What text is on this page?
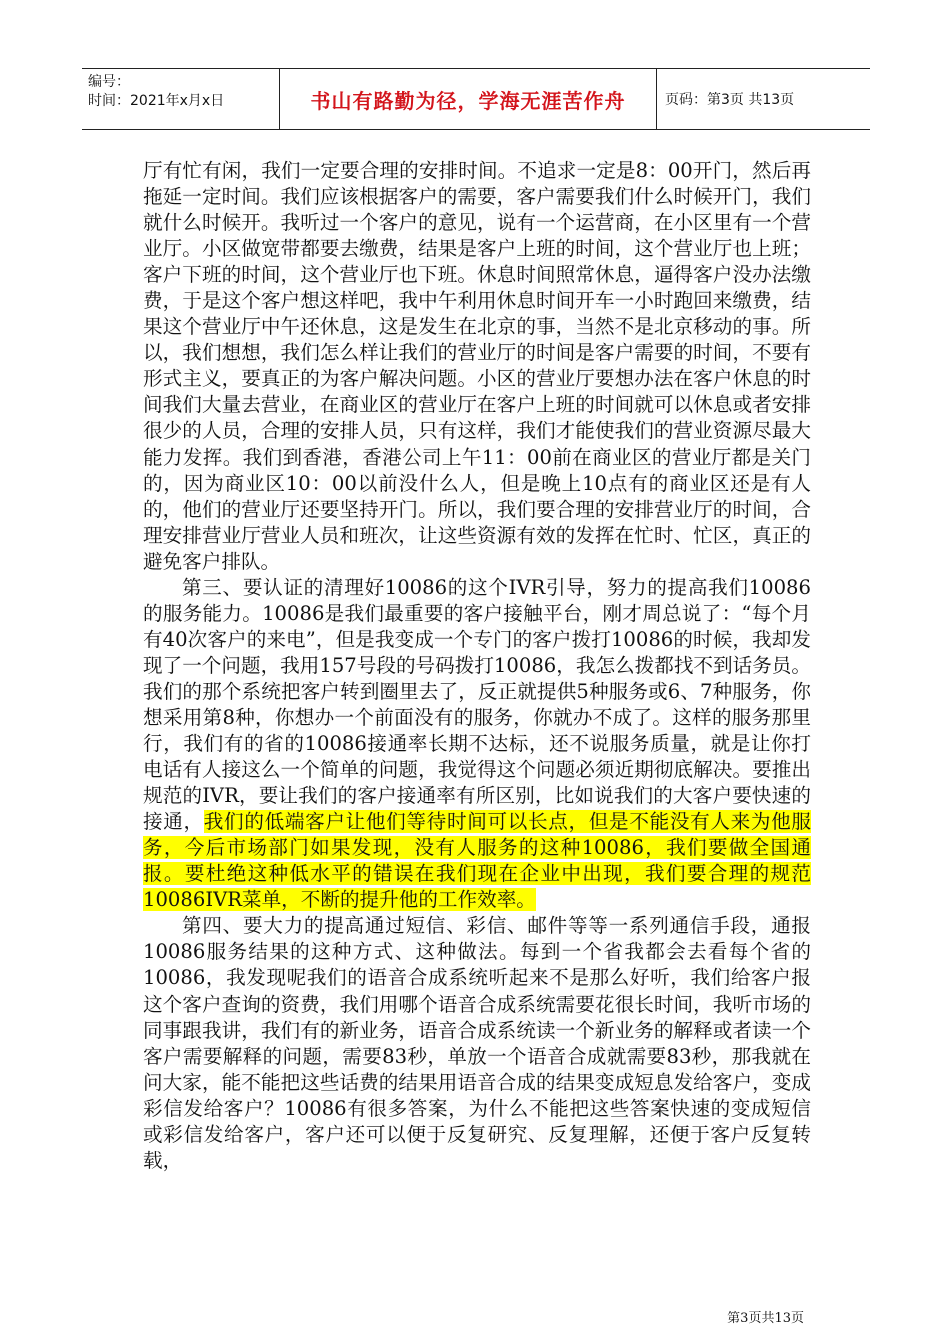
编号：
时间：2021年x月x日	书山有路勤为径，学海无涯苦作舟	页码：第3页 共13页

厅有忙有闲，我们一定要合理的安排时间。不追求一定是8：00开门，然后再拖延一定时间。我们应该根据客户的需要，客户需要我们什么时候开门，我们就什么时候开。我听过一个客户的意见，说有一个运营商，在小区里有一个营业厅。小区做宽带都要去缴费，结果是客户上班的时间，这个营业厅也上班；客户下班的时间，这个营业厅也下班。休息时间照常休息，逼得客户没办法缴费，于是这个客户想这样吧，我中午利用休息时间开车一小时跑回来缴费，结果这个营业厅中午还休息，这是发生在北京的事，当然不是北京移动的事。所以，我们想想，我们怎么样让我们的营业厅的时间是客户需要的时间，不要有形式主义，要真正的为客户解决问题。小区的营业厅要想办法在客户休息的时间我们大量去营业，在商业区的营业厅在客户上班的时间就可以休息或者安排很少的人员，合理的安排人员，只有这样，我们才能使我们的营业资源尽最大能力发挥。我们到香港，香港公司上午11：00前在商业区的营业厅都是关门的，因为商业区10：00以前没什么人，但是晚上10点有的商业区还是有人的，他们的营业厅还要坚持开门。所以，我们要合理的安排营业厅的时间，合理安排营业厅营业人员和班次，让这些资源有效的发挥在忙时、忙区，真正的避免客户排队。

第三、要认证的清理好10086的这个IVR引导，努力的提高我们10086的服务能力。10086是我们最重要的客户接触平台，刚才周总说了：“每个月有40次客户的来电”，但是我变成一个专门的客户拨打10086的时候，我却发现了一个问题，我用157号段的号码拨打10086，我怎么拨都找不到话务员。我们的那个系统把客户转到圈里去了，反正就提供5种服务或6、7种服务，你想采用第8种，你想办一个前面没有的服务，你就办不成了。这样的服务那里行，我们有的省的10086接通率长期不达标，还不说服务质量，就是让你打电话有人接这么一个简单的问题，我觉得这个问题必须近期彻底解决。要推出规范的IVR，要让我们的客户接通率有所区别，比如说我们的大客户要快速的接通，我们的低端客户让他们等待时间可以长点，但是不能没有人来为他服务，今后市场部门如果发现，没有人服务的这种10086，我们要做全国通报。要杜绝这种低水平的错误在我们现在企业中出现，我们要合理的规范10086IVR菜单，不断的提升他的工作效率。

第四、要大力的提高通过短信、彩信、邮件等等一系列通信手段，通报10086服务结果的这种方式、这种做法。每到一个省我都会去看每个省的10086，我发现呢我们的语音合成系统听起来不是那么好听，我们给客户报这个客户查询的资费，我们用哪个语音合成系统需要花很长时间，我听市场的同事跟我讲，我们有的新业务，语音合成系统读一个新业务的解释或者读一个客户需要解释的问题，需要83秒，单放一个语音合成就需要83秒，那我就在问大家，能不能把这些话费的结果用语音合成的结果变成短息发给客户，变成彩信发给客户？10086有很多答案，为什么不能把这些答案快速的变成短信或彩信发给客户，客户还可以便于反复研究、反复理解，还便于客户反复转载，

第3页共13页
